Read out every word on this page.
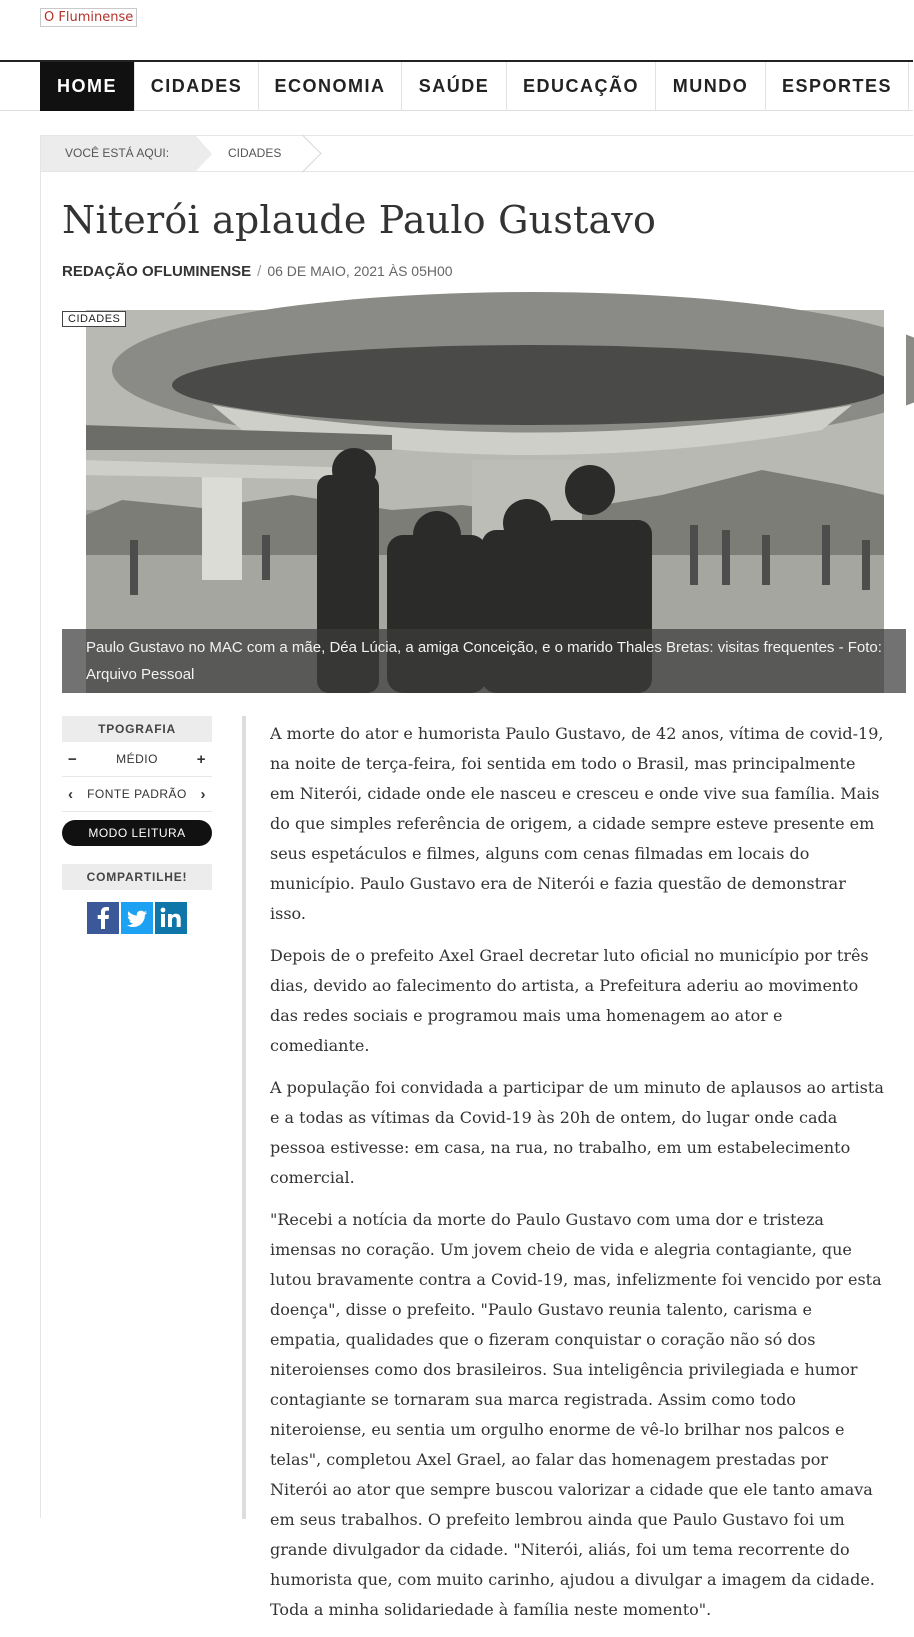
O Fluminense
HOME	CIDADES	ECONOMIA	SAÚDE	EDUCAÇÃO	MUNDO	ESPORTES
VOCÊ ESTÁ AQUI:	CIDADES
Niterói aplaude Paulo Gustavo
REDAÇÃO OFLUMINENSE / 06 DE MAIO, 2021 ÀS 05H00
CIDADES
Paulo Gustavo no MAC com a mãe, Déa Lúcia, a amiga Conceição, e o marido Thales Bretas: visitas frequentes - Foto: Arquivo Pessoal
TPOGRAFIA
−	MÉDIO	+
‹ FONTE PADRÃO ›
MODO LEITURA
COMPARTILHE!

A morte do ator e humorista Paulo Gustavo, de 42 anos, vítima de covid-19, na noite de terça-feira, foi sentida em todo o Brasil, mas principalmente em Niterói, cidade onde ele nasceu e cresceu e onde vive sua família. Mais do que simples referência de origem, a cidade sempre esteve presente em seus espetáculos e filmes, alguns com cenas filmadas em locais do município. Paulo Gustavo era de Niterói e fazia questão de demonstrar isso.

Depois de o prefeito Axel Grael decretar luto oficial no município por três dias, devido ao falecimento do artista, a Prefeitura aderiu ao movimento das redes sociais e programou mais uma homenagem ao ator e comediante.

A população foi convidada a participar de um minuto de aplausos ao artista e a todas as vítimas da Covid-19 às 20h de ontem, do lugar onde cada pessoa estivesse: em casa, na rua, no trabalho, em um estabelecimento comercial.

"Recebi a notícia da morte do Paulo Gustavo com uma dor e tristeza imensas no coração. Um jovem cheio de vida e alegria contagiante, que lutou bravamente contra a Covid-19, mas, infelizmente foi vencido por esta doença", disse o prefeito. "Paulo Gustavo reunia talento, carisma e empatia, qualidades que o fizeram conquistar o coração não só dos niteroienses como dos brasileiros. Sua inteligência privilegiada e humor contagiante se tornaram sua marca registrada. Assim como todo niteroiense, eu sentia um orgulho enorme de vê-lo brilhar nos palcos e telas", completou Axel Grael, ao falar das homenagem prestadas por Niterói ao ator que sempre buscou valorizar a cidade que ele tanto amava em seus trabalhos. O prefeito lembrou ainda que Paulo Gustavo foi um grande divulgador da cidade. "Niterói, aliás, foi um tema recorrente do humorista que, com muito carinho, ajudou a divulgar a imagem da cidade. Toda a minha solidariedade à família neste momento".
